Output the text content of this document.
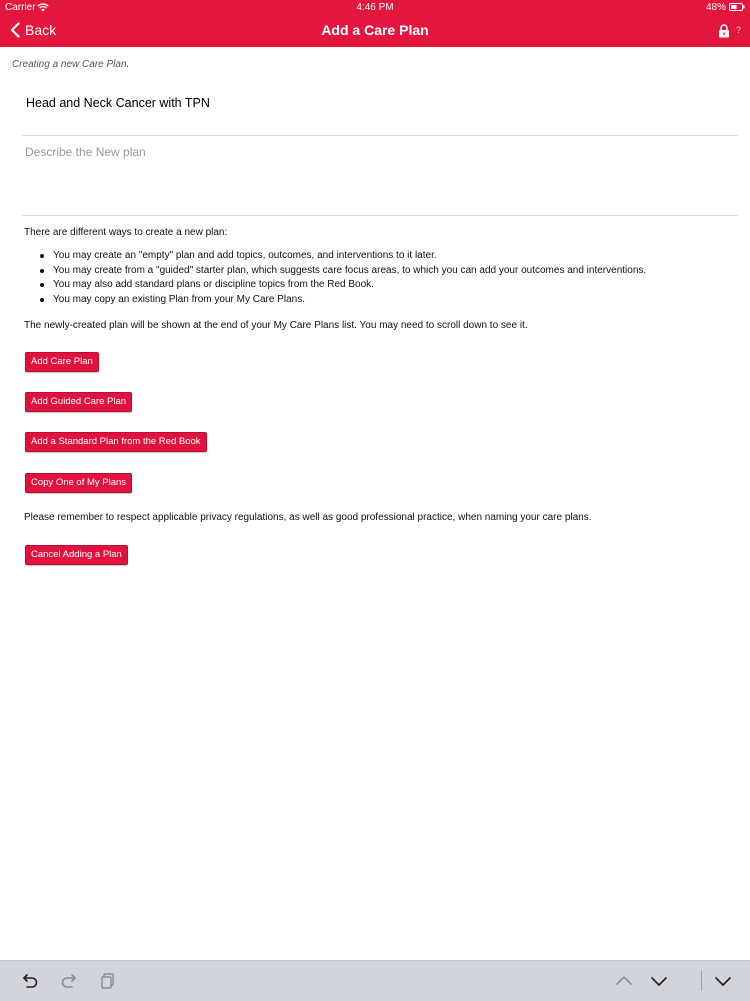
Carrier	4:46 PM	48%
Back	Add a Care Plan	?
Creating a new Care Plan.
Head and Neck Cancer with TPN
Describe the New plan
There are different ways to create a new plan:
You may create an "empty" plan and add topics, outcomes, and interventions to it later.
You may create from a "guided" starter plan, which suggests care focus areas, to which you can add your outcomes and interventions.
You may also add standard plans or discipline topics from the Red Book.
You may copy an existing Plan from your My Care Plans.
The newly-created plan will be shown at the end of your My Care Plans list. You may need to scroll down to see it.
Add Care Plan
Add Guided Care Plan
Add a Standard Plan from the Red Book
Copy One of My Plans
Please remember to respect applicable privacy regulations, as well as good professional practice, when naming your care plans.
Cancel Adding a Plan
